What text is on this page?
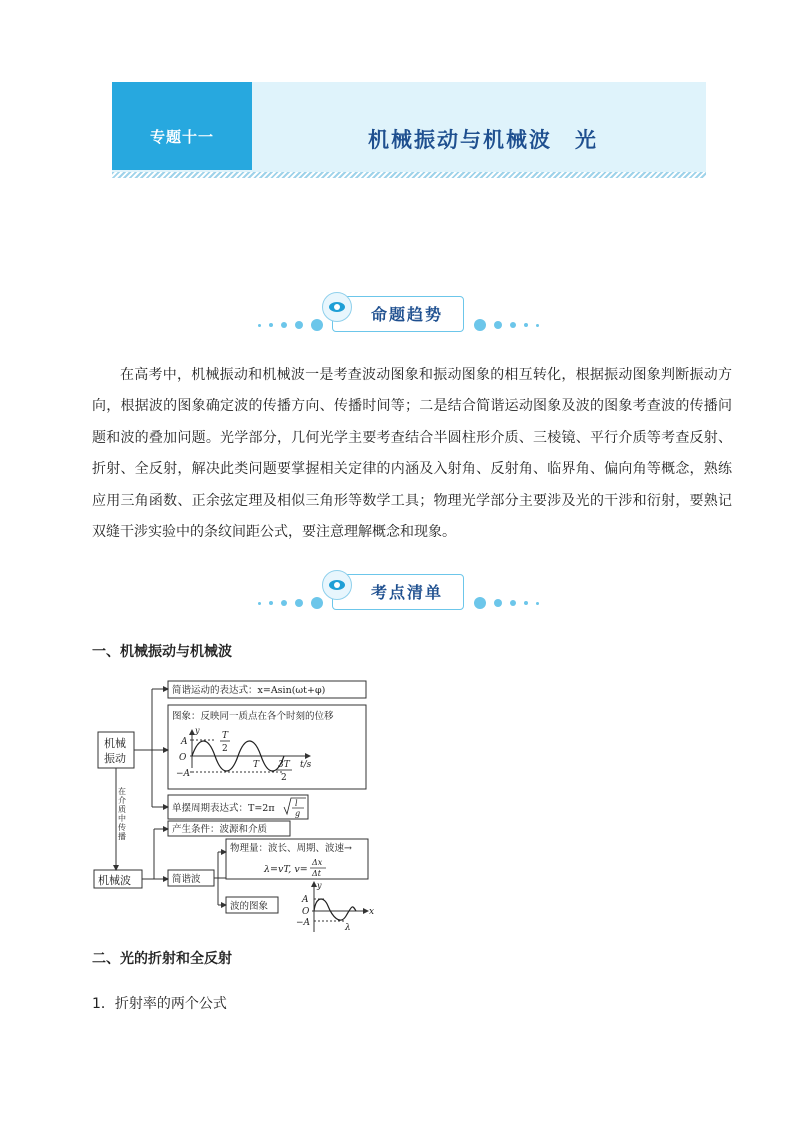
专题十一	机械振动与机械波　光
命题趋势

在高考中，机械振动和机械波一是考查波动图象和振动图象的相互转化，根据振动图象判断振动方向，根据波的图象确定波的传播方向、传播时间等；二是结合简谐运动图象及波的图象考查波的传播问题和波的叠加问题。光学部分，几何光学主要考查结合半圆柱形介质、三棱镜、平行介质等考查反射、折射、全反射，解决此类问题要掌握相关定律的内涵及入射角、反射角、临界角、偏向角等概念，熟练应用三角函数、正余弦定理及相似三角形等数学工具；物理光学部分主要涉及光的干涉和衍射，要熟记双缝干涉实验中的条纹间距公式，要注意理解概念和现象。

考点清单
一、机械振动与机械波
机械
振动
机械波
在
介
质
中
传
播
简谐运动的表达式：x=Asin(ωt+φ)
图象：反映同一质点在各个时刻的位移
y
A
O
−A
T
2
T 3T
2
t/s
单摆周期表达式：T=2π	l
g
产生条件：波源和介质
简谐波
物理量：波长、周期、波速→
λ=vT, v=
Δx
Δt
波的图象
y
A
O
−A	λ
x
二、光的折射和全反射
1．折射率的两个公式
